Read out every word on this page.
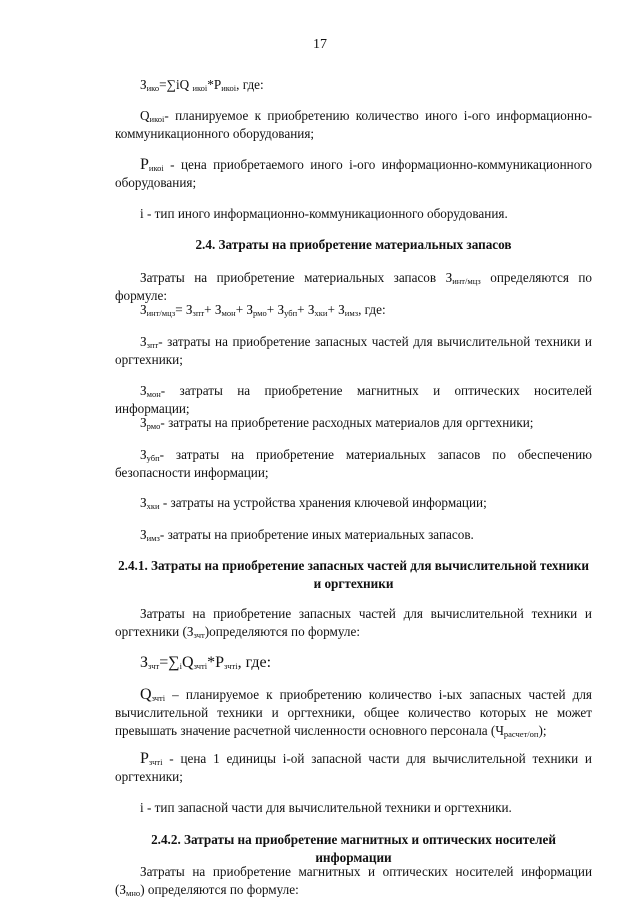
17
$З_{ико}=\sum iQ$ $_{икоi}*Р_{икоi}$, где:
$Q_{икоi}-$ планируемое к приобретению количество иного i-ого информационно-коммуникационного оборудования;
$Р_{икоi}$ - цена приобретаемого иного i-ого информационно-коммуникационного оборудования;
i - тип иного информационно-коммуникационного оборудования.
2.4. Затраты на приобретение материальных запасов
Затраты на приобретение материальных запасов $З_{инт/мцз}$ определяются по формуле:
$З_{инт/мцз}= З_{зпт}+ З_{мон}+ З_{рмо}+ З_{убп}+ З_{хки}+ З_{имз}$, где:
$З_{зпт}-$ затраты на приобретение запасных частей для вычислительной техники и оргтехники;
$З_{мон}-$ затраты на приобретение магнитных и оптических носителей информации;
$З_{рмо}-$ затраты на приобретение расходных материалов для оргтехники;
$З_{убп}-$ затраты на приобретение материальных запасов по обеспечению безопасности информации;
$З_{хки}$ - затраты на устройства хранения ключевой информации;
$З_{имз}-$ затраты на приобретение иных материальных запасов.
2.4.1. Затраты на приобретение запасных частей для вычислительной техники и оргтехники
Затраты на приобретение запасных частей для вычислительной техники и оргтехники $(З_{зчт})определяются$ по формуле:
$З_{зчт}=\sum_iQ_{зчтi}*Р_{зчтi}$, где:
$Q_{зчтi}$ – планируемое к приобретению количество i-ых запасных частей для вычислительной техники и оргтехники, общее количество которых не может превышать значение расчетной численности основного персонала $(Ч_{расчет/оп})$;
$Р_{зчтi}$ - цена 1 единицы i-ой запасной части для вычислительной техники и оргтехники;
i - тип запасной части для вычислительной техники и оргтехники.
2.4.2. Затраты на приобретение магнитных и оптических носителей информации
Затраты на приобретение магнитных и оптических носителей информации $(З_{мно})$ определяются по формуле:
